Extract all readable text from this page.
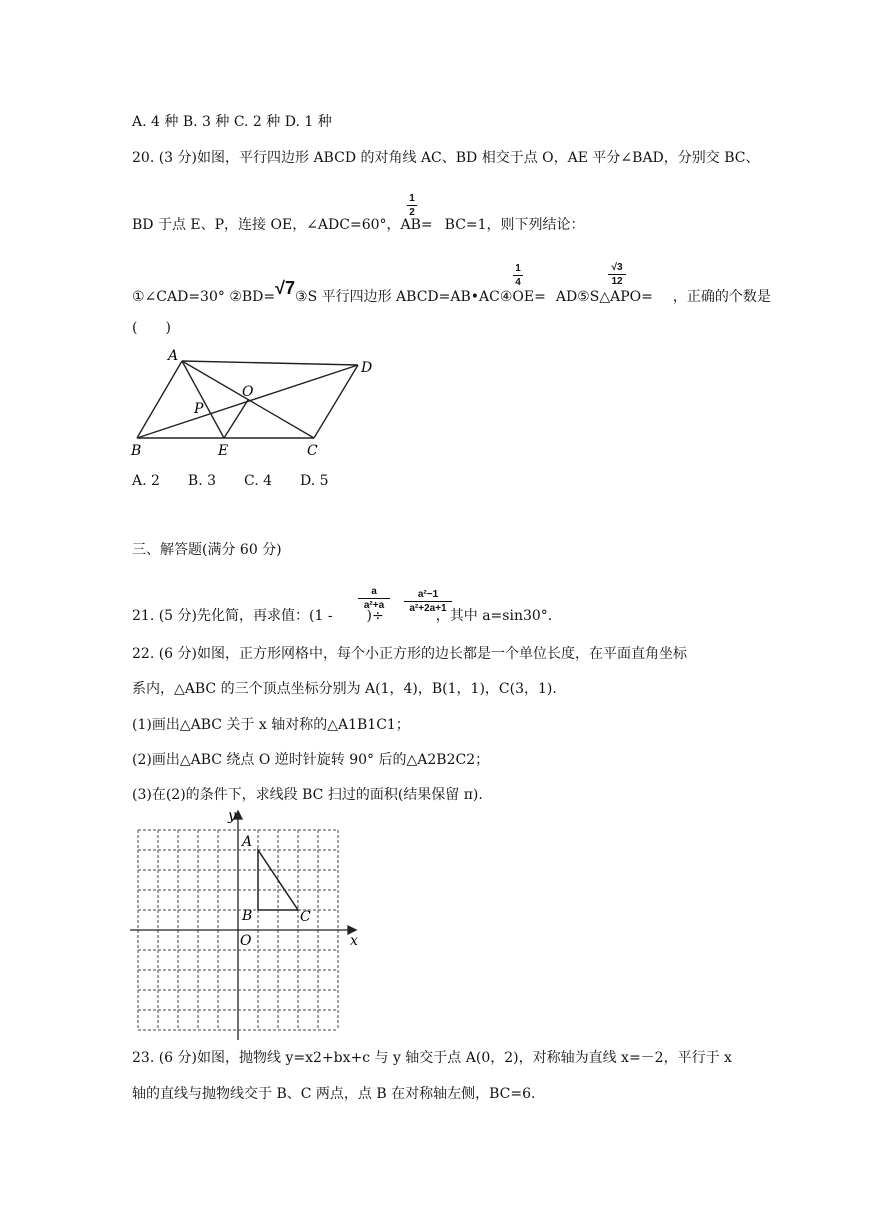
A. 4 种 B. 3 种 C. 2 种 D. 1 种
20. (3 分)如图，平行四边形 ABCD 的对角线 AC、BD 相交于点 O，AE 平分∠BAD，分别交 BC、
1
2
BD 于点 E、P，连接 OE，∠ADC=60°，AB= BC=1，则下列结论：
1
4
√3
12
①∠CAD=30° ②BD=√7③S 平行四边形 ABCD=AB•AC④OE= AD⑤S△APO= ，正确的个数是
(　　)
A
D
B	E	C
O
P
A. 2　　B. 3　　C. 4　　D. 5
三、解答题(满分 60 分)
a
a²+a
a²−1
a²+2a+1
21. (5 分)先化简，再求值：(1 - )÷	，其中 a=sin30°．
22. (6 分)如图，正方形网格中，每个小正方形的边长都是一个单位长度，在平面直角坐标
系内，△ABC 的三个顶点坐标分别为 A(1，4)，B(1，1)，C(3，1).
(1)画出△ABC 关于 x 轴对称的△A1B1C1；
(2)画出△ABC 绕点 O 逆时针旋转 90° 后的△A2B2C2；
(3)在(2)的条件下，求线段 BC 扫过的面积(结果保留 π).
y
x
A
B	C
O
23. (6 分)如图，抛物线 y=x2+bx+c 与 y 轴交于点 A(0，2)，对称轴为直线 x=－2，平行于 x
轴的直线与抛物线交于 B、C 两点，点 B 在对称轴左侧，BC=6.
